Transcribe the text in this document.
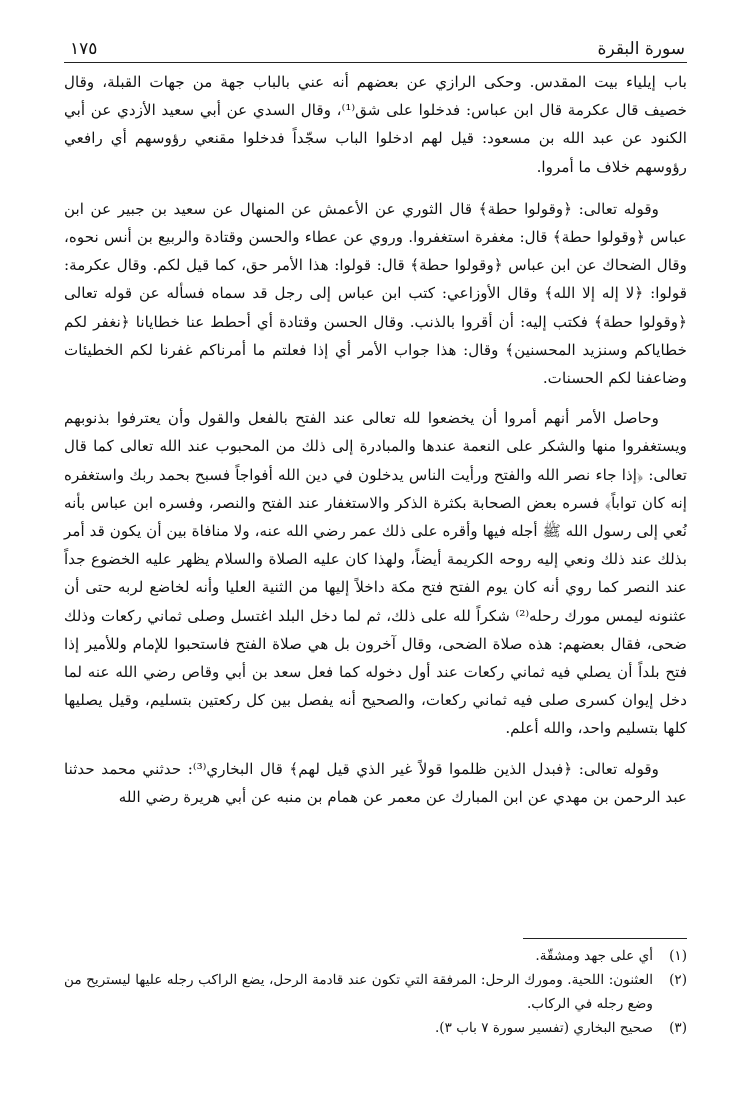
١٧٥	سورة البقرة

باب إيلياء بيت المقدس. وحكى الرازي عن بعضهم أنه عني بالباب جهة من جهات القبلة، وقال خصيف قال عكرمة قال ابن عباس: فدخلوا على شق⁽¹⁾، وقال السدي عن أبي سعيد الأزدي عن أبي الكنود عن عبد الله بن مسعود: قيل لهم ادخلوا الباب سجّداً فدخلوا مقنعي رؤوسهم أي رافعي رؤوسهم خلاف ما أمروا.

وقوله تعالى: ﴿وقولوا حطة﴾ قال الثوري عن الأعمش عن المنهال عن سعيد بن جبير عن ابن عباس ﴿وقولوا حطة﴾ قال: مغفرة استغفروا. وروي عن عطاء والحسن وقتادة والربيع بن أنس نحوه، وقال الضحاك عن ابن عباس ﴿وقولوا حطة﴾ قال: قولوا: هذا الأمر حق، كما قيل لكم. وقال عكرمة: قولوا: ﴿لا إله إلا الله﴾ وقال الأوزاعي: كتب ابن عباس إلى رجل قد سماه فسأله عن قوله تعالى ﴿وقولوا حطة﴾ فكتب إليه: أن أقروا بالذنب. وقال الحسن وقتادة أي أحطط عنا خطايانا ﴿نغفر لكم خطاياكم وسنزيد المحسنين﴾ وقال: هذا جواب الأمر أي إذا فعلتم ما أمرناكم غفرنا لكم الخطيئات وضاعفنا لكم الحسنات.

وحاصل الأمر أنهم أمروا أن يخضعوا لله تعالى عند الفتح بالفعل والقول وأن يعترفوا بذنوبهم ويستغفروا منها والشكر على النعمة عندها والمبادرة إلى ذلك من المحبوب عند الله تعالى كما قال تعالى: ﴿إذا جاء نصر الله والفتح ورأيت الناس يدخلون في دين الله أفواجاً فسبح بحمد ربك واستغفره إنه كان تواباً﴾ فسره بعض الصحابة بكثرة الذكر والاستغفار عند الفتح والنصر، وفسره ابن عباس بأنه نُعي إلى رسول الله ﷺ أجله فيها وأقره على ذلك عمر رضي الله عنه، ولا منافاة بين أن يكون قد أمر بذلك عند ذلك ونعي إليه روحه الكريمة أيضاً، ولهذا كان عليه الصلاة والسلام يظهر عليه الخضوع جداً عند النصر كما روي أنه كان يوم الفتح فتح مكة داخلاً إليها من الثنية العليا وأنه لخاضع لربه حتى أن عثنونه ليمس مورك رحله⁽²⁾ شكراً لله على ذلك، ثم لما دخل البلد اغتسل وصلى ثماني ركعات وذلك ضحى، فقال بعضهم: هذه صلاة الضحى، وقال آخرون بل هي صلاة الفتح فاستحبوا للإمام وللأمير إذا فتح بلداً أن يصلي فيه ثماني ركعات عند أول دخوله كما فعل سعد بن أبي وقاص رضي الله عنه لما دخل إيوان كسرى صلى فيه ثماني ركعات، والصحيح أنه يفصل بين كل ركعتين بتسليم، وقيل يصليها كلها بتسليم واحد، والله أعلم.

وقوله تعالى: ﴿فبدل الذين ظلموا قولاً غير الذي قيل لهم﴾ قال البخاري⁽³⁾: حدثني محمد حدثنا عبد الرحمن بن مهدي عن ابن المبارك عن معمر عن همام بن منبه عن أبي هريرة رضي الله

(١)
أي على جهد ومشقّة.
(٢)
العثنون: اللحية. ومورك الرحل: المرفقة التي تكون عند قادمة الرحل، يضع الراكب رجله عليها ليستريح من وضع رجله في الركاب.
(٣)
صحيح البخاري (تفسير سورة ٧ باب ٣).
